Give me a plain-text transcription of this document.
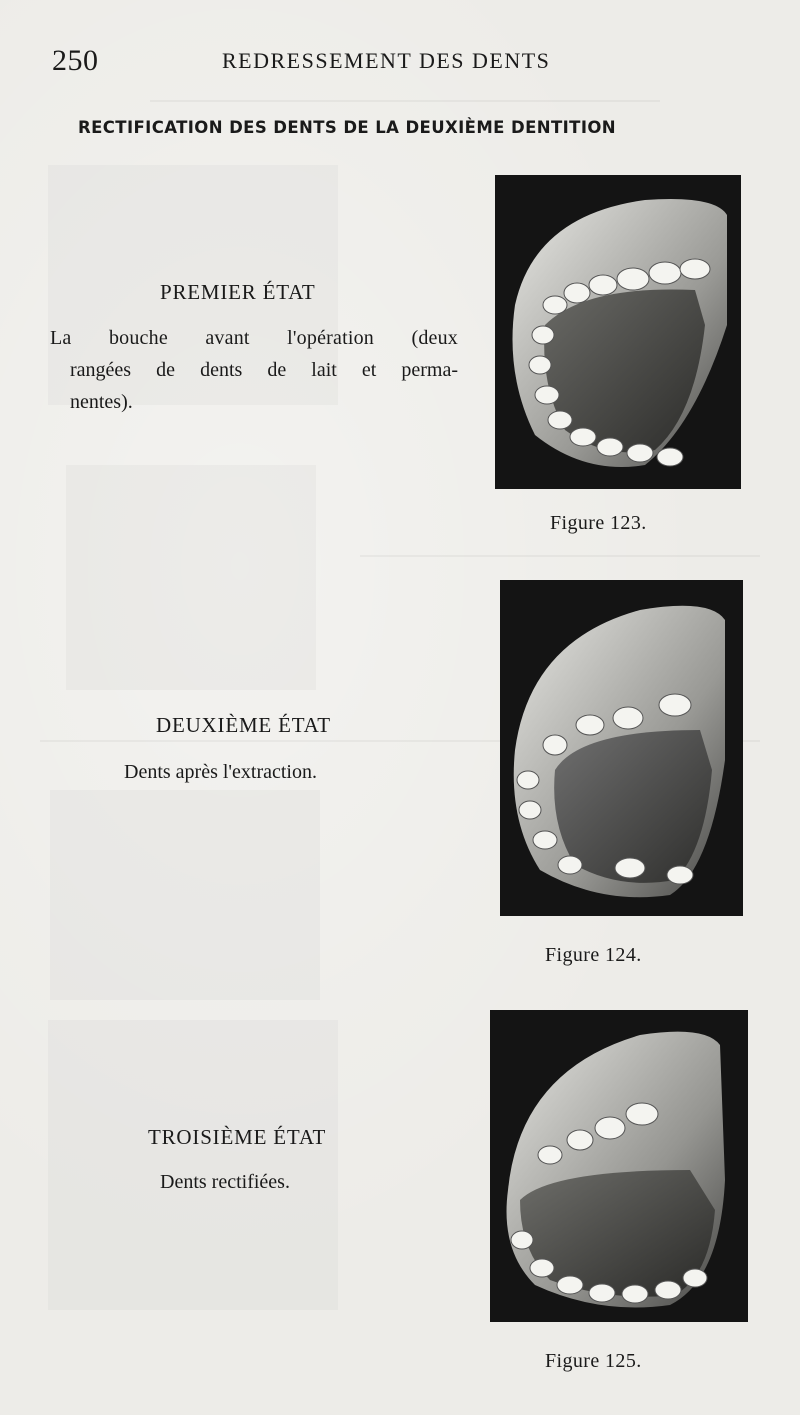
250	REDRESSEMENT DES DENTS
RECTIFICATION DES DENTS DE LA DEUXIÈME DENTITION
PREMIER ÉTAT
La bouche avant l'opération (deux
rangées de dents de lait et perma-
nentes).
DEUXIÈME ÉTAT
Dents après l'extraction.
TROISIÈME ÉTAT
Dents rectifiées.
Figure 123.
Figure 124.
Figure 125.
